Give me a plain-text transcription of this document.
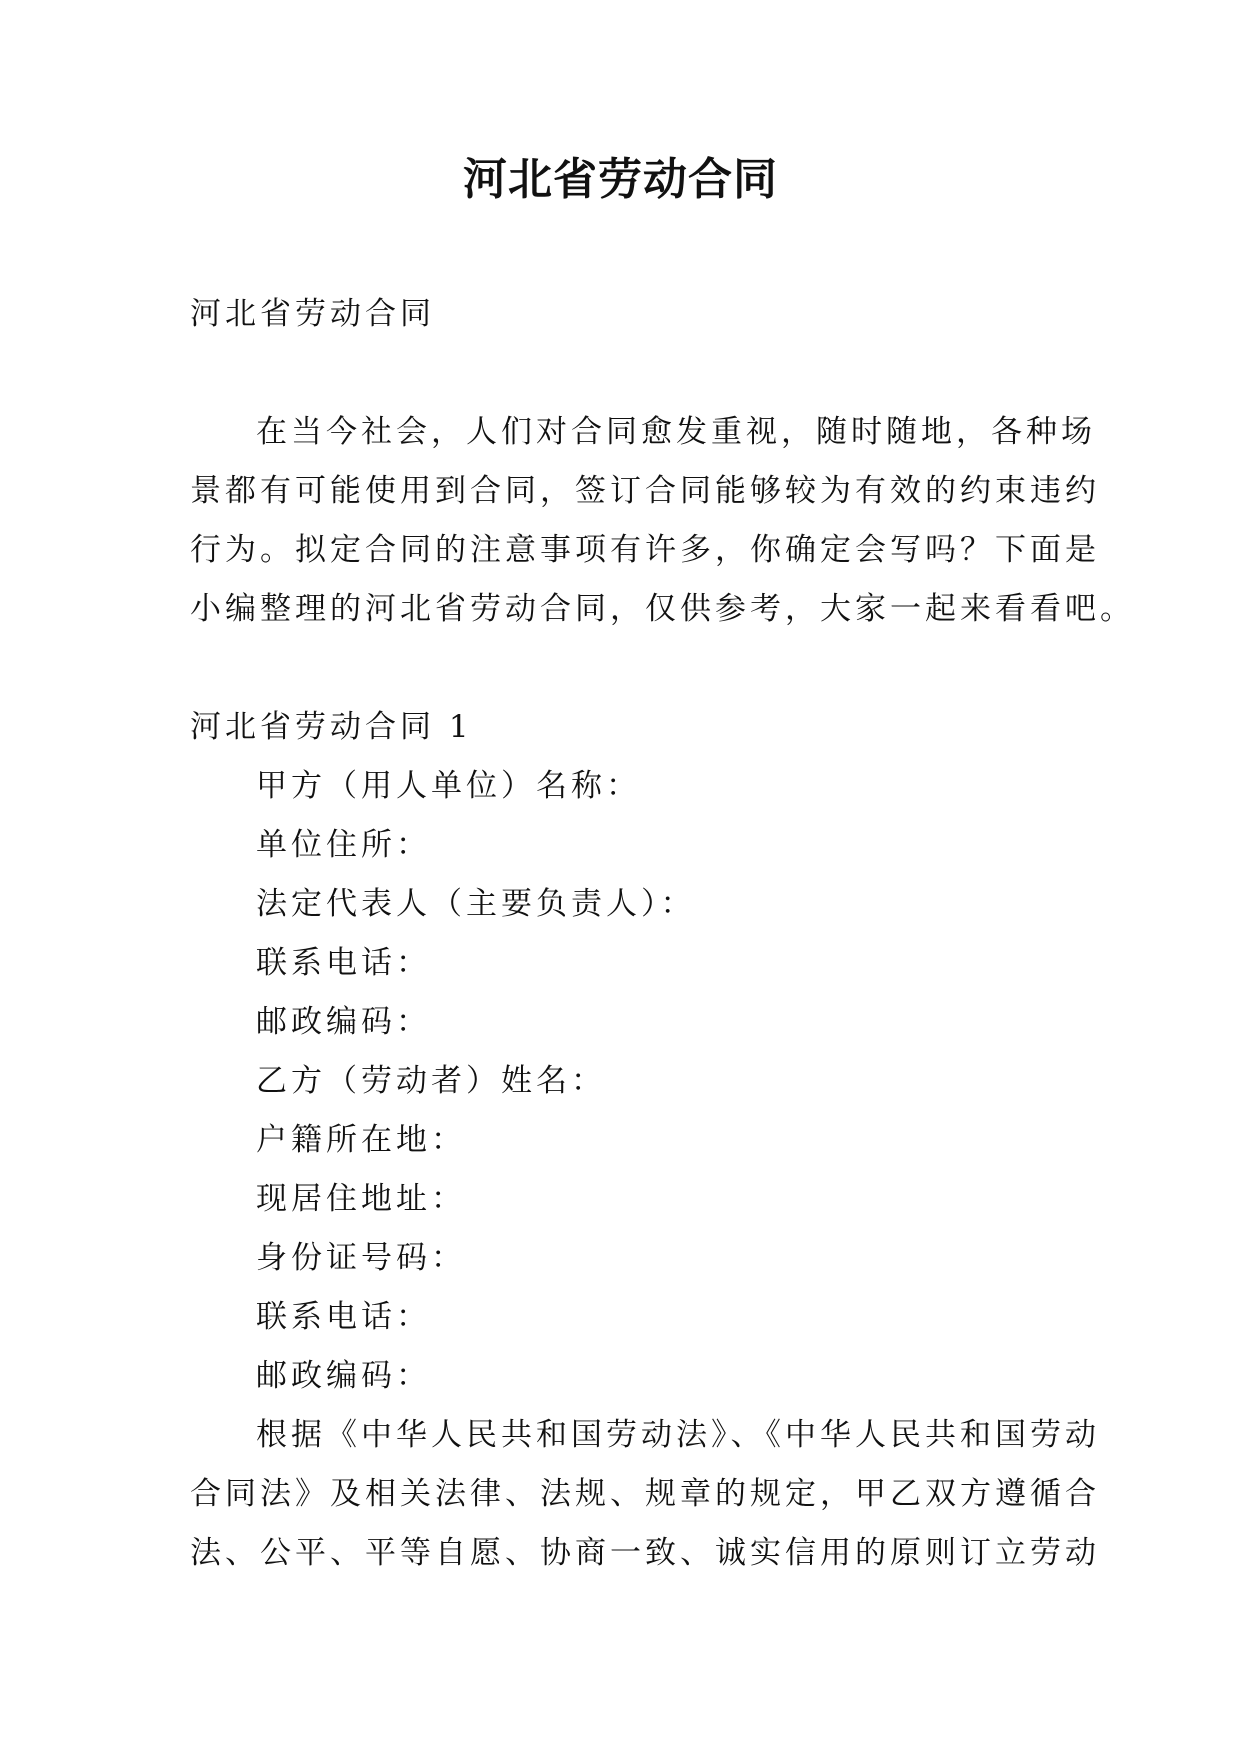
河北省劳动合同
河北省劳动合同
在当今社会，人们对合同愈发重视，随时随地，各种场
景都有可能使用到合同，签订合同能够较为有效的约束违约
行为。拟定合同的注意事项有许多，你确定会写吗？下面是
小编整理的河北省劳动合同，仅供参考，大家一起来看看吧。
河北省劳动合同 1
甲方（用人单位）名称：
单位住所：
法定代表人（主要负责人）：
联系电话：
邮政编码：
乙方（劳动者）姓名：
户籍所在地：
现居住地址：
身份证号码：
联系电话：
邮政编码：
根据《中华人民共和国劳动法》、《中华人民共和国劳动
合同法》及相关法律、法规、规章的规定，甲乙双方遵循合
法、公平、平等自愿、协商一致、诚实信用的原则订立劳动
